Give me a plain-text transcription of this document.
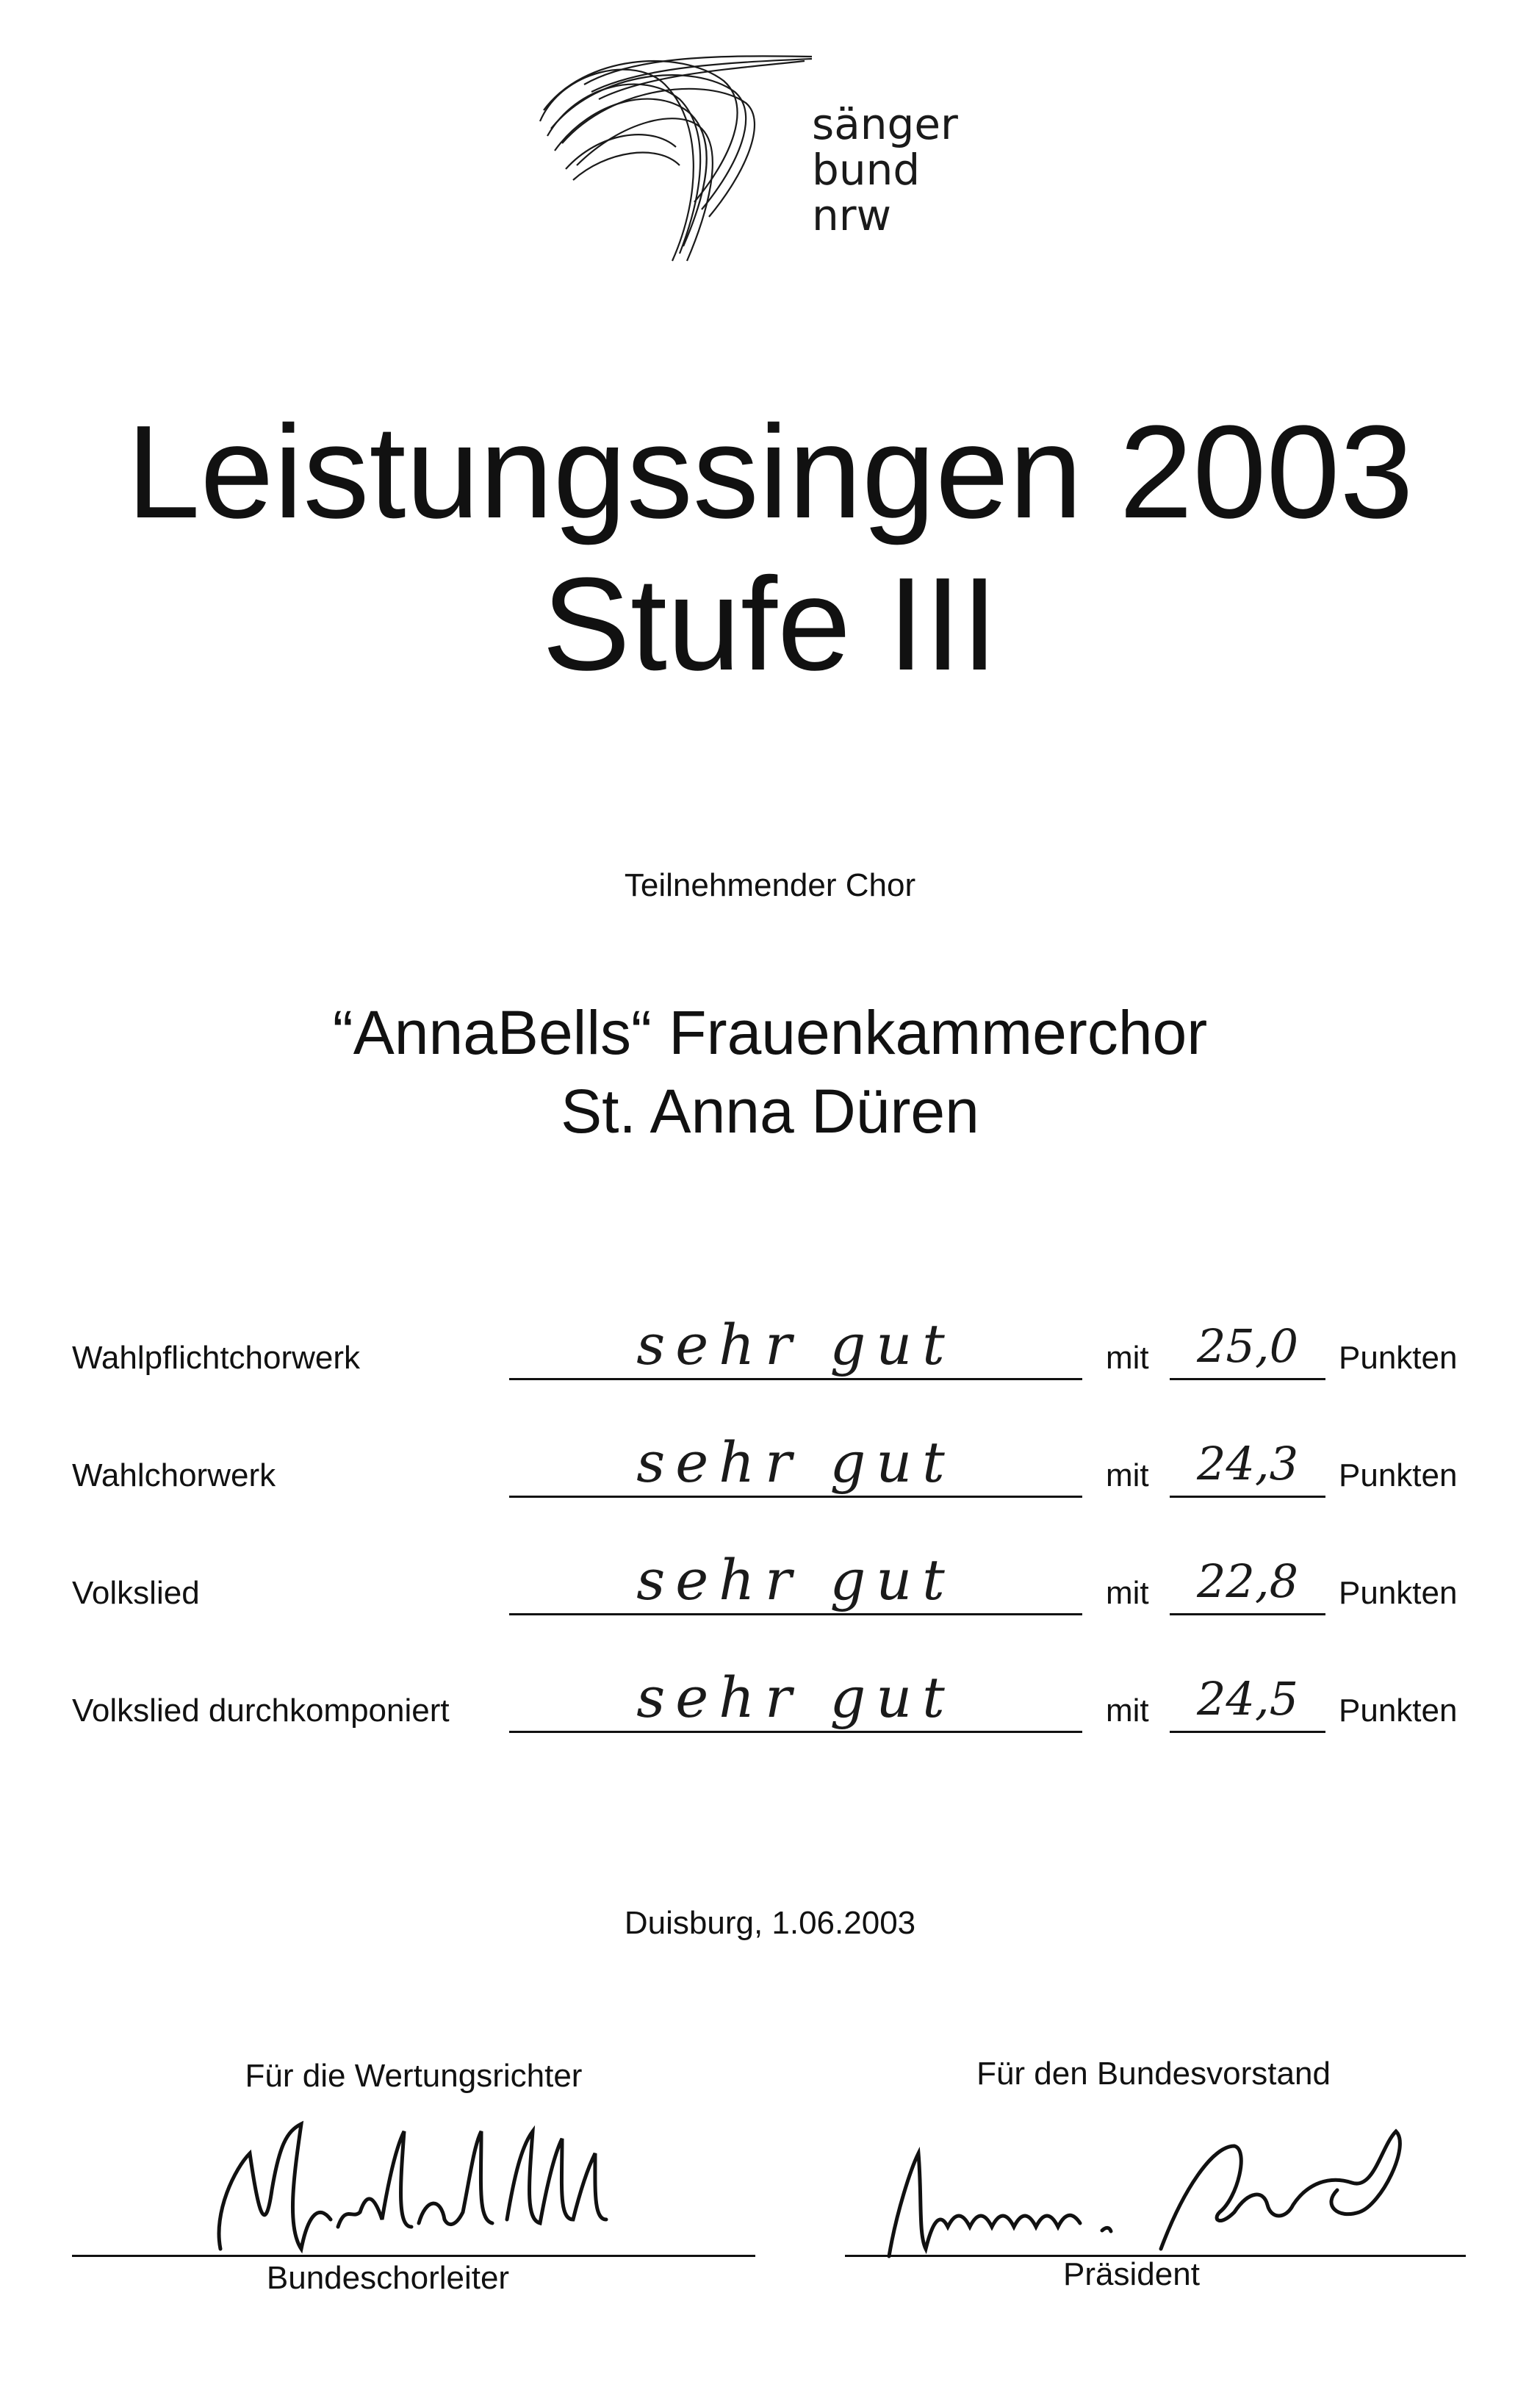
sänger
bund
nrw
Leistungssingen 2003
Stufe III
Teilnehmender Chor
“AnnaBells“ Frauenkammerchor
St. Anna Düren
Wahlpflichtchorwerk	sehr gut	mit	25,0	Punkten
Wahlchorwerk	sehr gut	mit	24,3	Punkten
Volkslied	sehr gut	mit	22,8	Punkten
Volkslied durchkomponiert	sehr gut	mit	24,5	Punkten
Duisburg, 1.06.2003
Für die Wertungsrichter	Für den Bundesvorstand
Bundeschorleiter	Präsident
